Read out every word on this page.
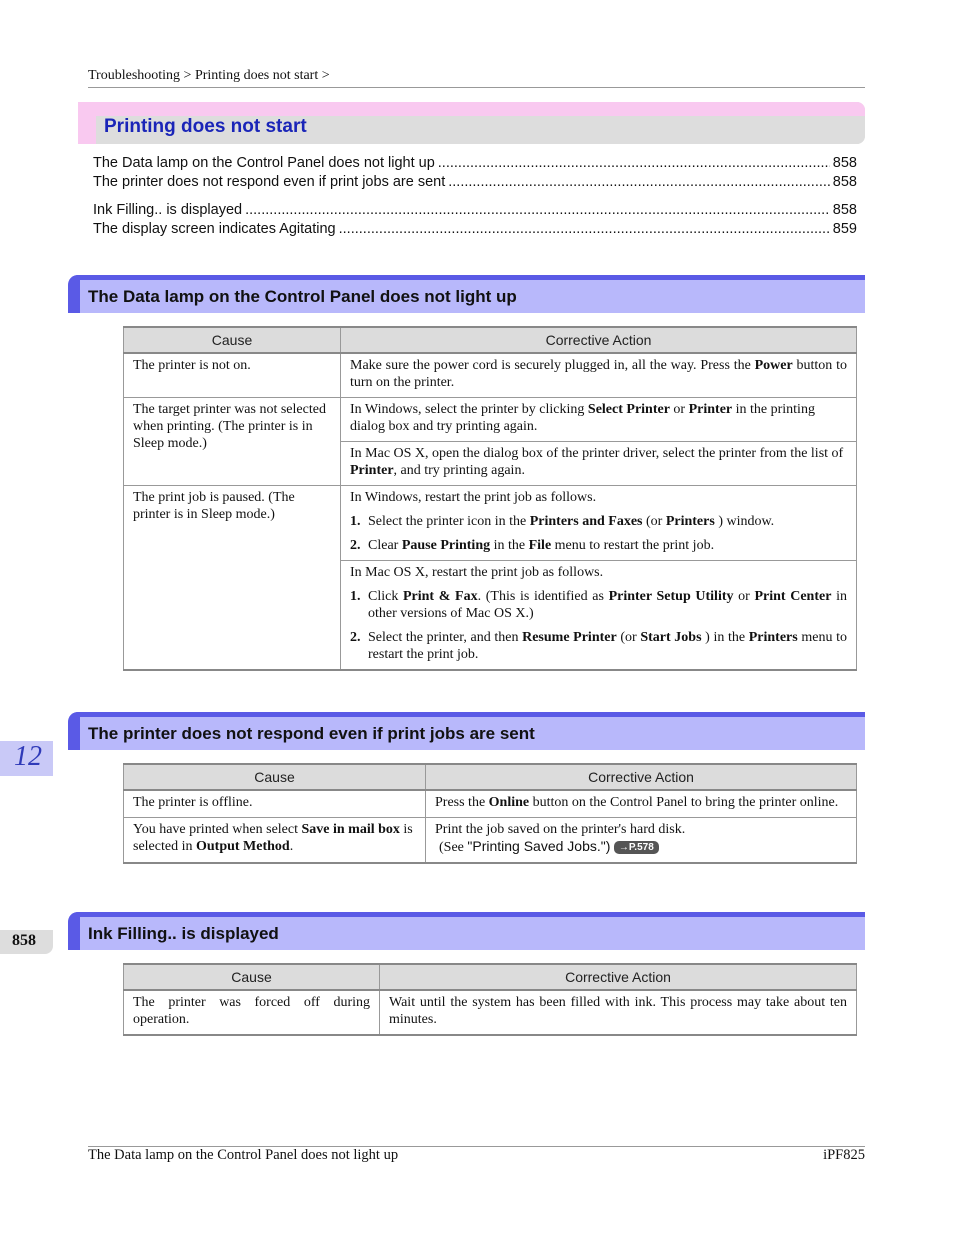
Troubleshooting > Printing does not start >
Printing does not start
The Data lamp on the Control Panel does not light up .....	858
The printer does not respond even if print jobs are sent .....	858
Ink Filling.. is displayed .....	858
The display screen indicates Agitating .....	859
The Data lamp on the Control Panel does not light up
Cause	Corrective Action
The printer is not on.	Make sure the power cord is securely plugged in, all the way. Press the Power button to turn on the printer.
The target printer was not selected when printing. (The printer is in Sleep mode.)	In Windows, select the printer by clicking Select Printer or Printer in the printing dialog box and try printing again.
	In Mac OS X, open the dialog box of the printer driver, select the printer from the list of Printer, and try printing again.
The print job is paused. (The printer is in Sleep mode.)	In Windows, restart the print job as follows.

1. Select the printer icon in the Printers and Faxes (or Printers ) window.
2. Clear Pause Printing in the File menu to restart the print job.

	In Mac OS X, restart the print job as follows.

1. Click Print & Fax. (This is identified as Printer Setup Utility or Print Center in other versions of Mac OS X.)
2. Select the printer, and then Resume Printer (or Start Jobs ) in the Printers menu to restart the print job.
12
The printer does not respond even if print jobs are sent
Cause	Corrective Action
The printer is offline.	Press the Online button on the Control Panel to bring the printer online.
You have printed when select Save in mail box is selected in Output Method.	Print the job saved on the printer's hard disk.

(See "Printing Saved Jobs.") →P.578

858	Ink Filling.. is displayed
Cause	Corrective Action
The printer was forced off during operation.	Wait until the system has been filled with ink. This process may take about ten minutes.
The Data lamp on the Control Panel does not light up	iPF825
